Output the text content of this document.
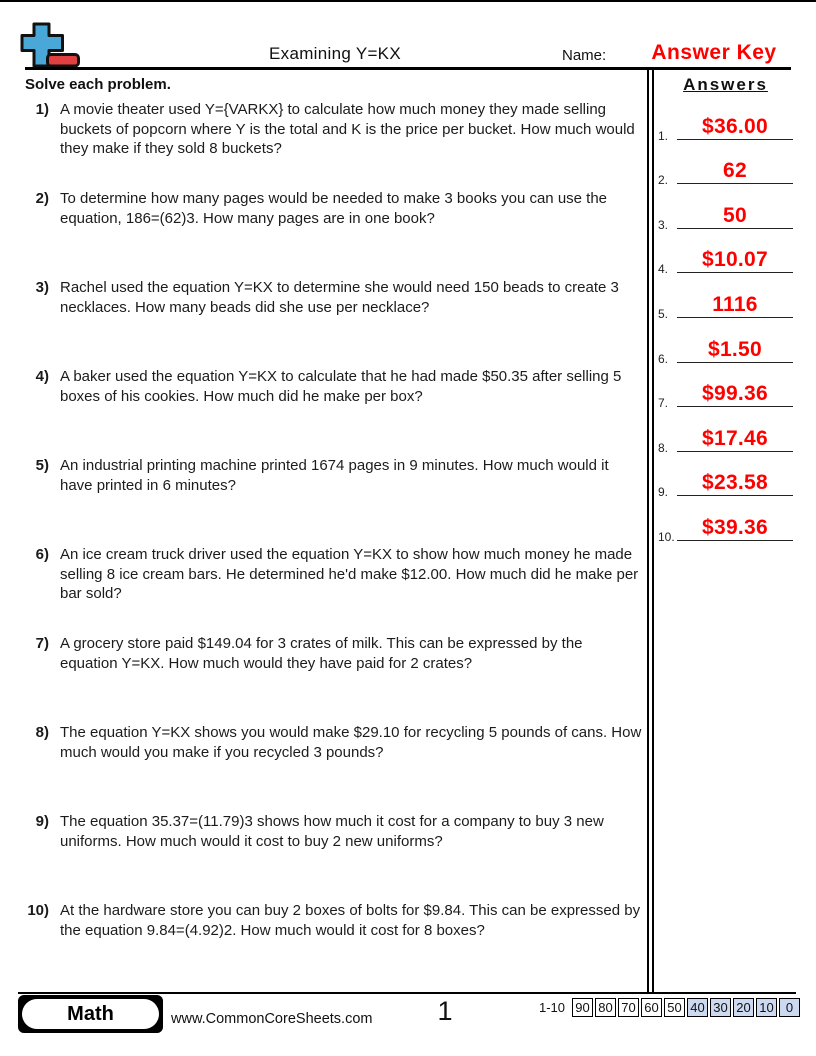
Examining Y=KX	Name:	Answer Key
Solve each problem.
1) A movie theater used Y={VARKX} to calculate how much money they made selling buckets of popcorn where Y is the total and K is the price per bucket. How much would they make if they sold 8 buckets?
2) To determine how many pages would be needed to make 3 books you can use the equation, 186=(62)3. How many pages are in one book?
3) Rachel used the equation Y=KX to determine she would need 150 beads to create 3 necklaces. How many beads did she use per necklace?
4) A baker used the equation Y=KX to calculate that he had made $50.35 after selling 5 boxes of his cookies. How much did he make per box?
5) An industrial printing machine printed 1674 pages in 9 minutes. How much would it have printed in 6 minutes?
6) An ice cream truck driver used the equation Y=KX to show how much money he made selling 8 ice cream bars. He determined he'd make $12.00. How much did he make per bar sold?
7) A grocery store paid $149.04 for 3 crates of milk. This can be expressed by the equation Y=KX. How much would they have paid for 2 crates?
8) The equation Y=KX shows you would make $29.10 for recycling 5 pounds of cans. How much would you make if you recycled 3 pounds?
9) The equation 35.37=(11.79)3 shows how much it cost for a company to buy 3 new uniforms. How much would it cost to buy 2 new uniforms?
10) At the hardware store you can buy 2 boxes of bolts for $9.84. This can be expressed by the equation 9.84=(4.92)2. How much would it cost for 8 boxes?
Answers
1.	$36.00
2.	62
3.	50
4.	$10.07
5.	1116
6.	$1.50
7.	$99.36
8.	$17.46
9.	$23.58
10.	$39.36
Math	www.CommonCoreSheets.com	1	1-10 90 80 70 60 50 40 30 20 10 0
